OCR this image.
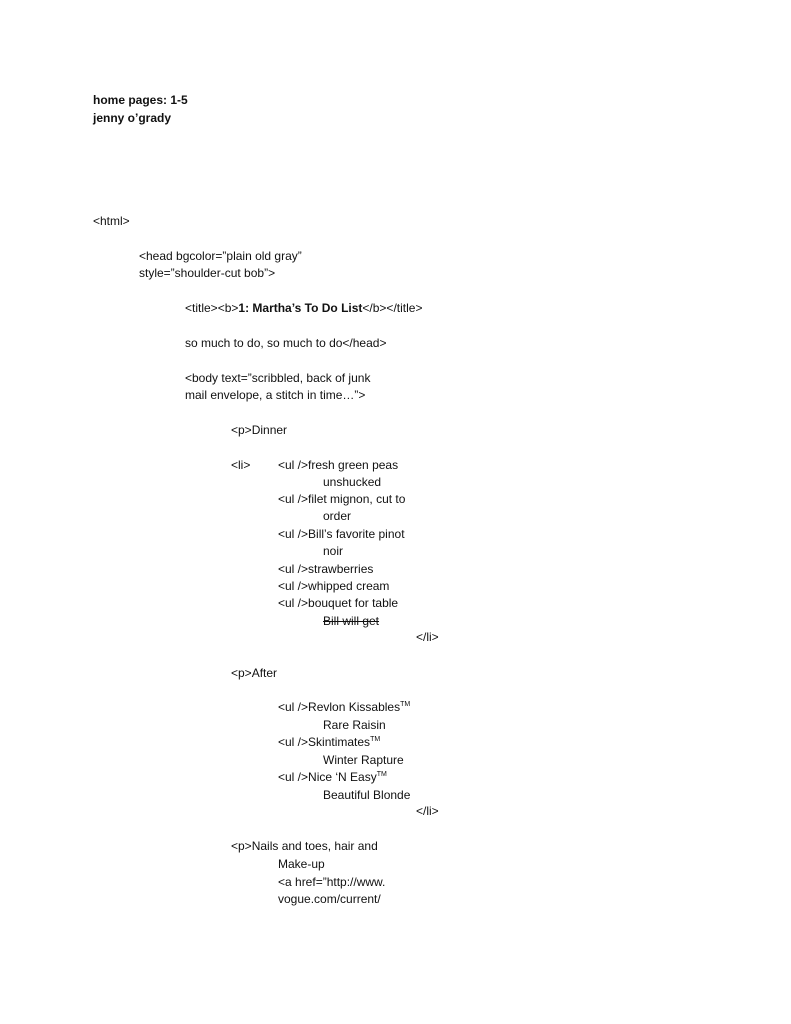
home pages: 1-5
jenny o’grady
<html>
<head bgcolor=”plain old gray”
style=”shoulder-cut bob”>
<title><b>1: Martha’s To Do List</b></title>
so much to do, so much to do</head>
<body text=”scribbled, back of junk
mail envelope, a stitch in time…”>
<p>Dinner
<li> <ul />fresh green peas
unshucked
<ul />filet mignon, cut to
order
<ul />Bill’s favorite pinot
noir
<ul />strawberries
<ul />whipped cream
<ul />bouquet for table
Bill will get
</li>
<p>After
<ul />Revlon Kissables™
Rare Raisin
<ul />Skintimates™
Winter Rapture
<ul />Nice ‘N Easy™
Beautiful Blonde
</li>
<p>Nails and toes, hair and
Make-up
<a href=”http://www.
vogue.com/current/
